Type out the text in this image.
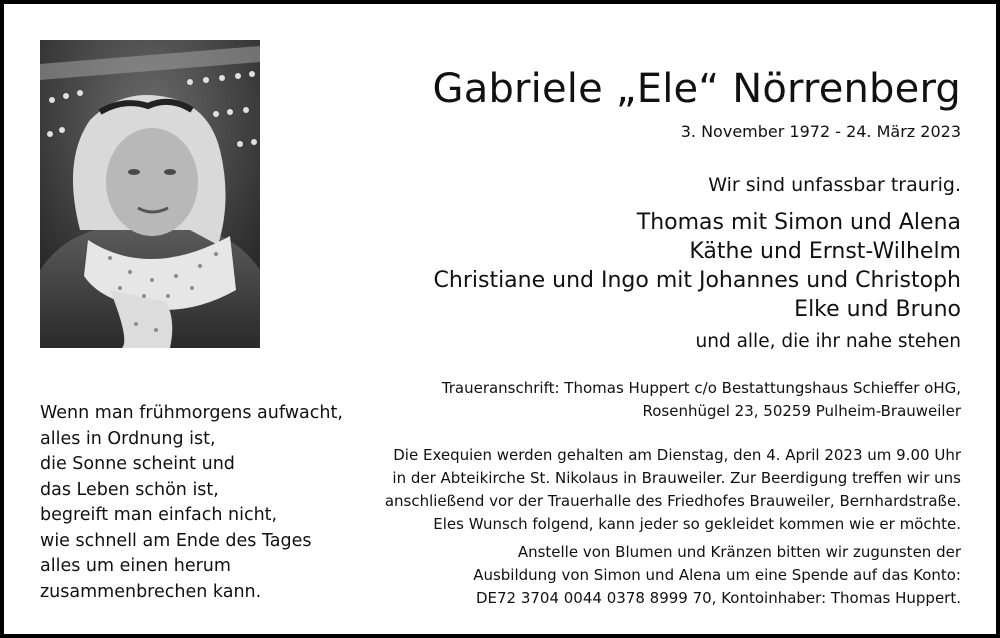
Gabriele „Ele“ Nörrenberg
3. November 1972 - 24. März 2023
Wir sind unfassbar traurig.
Thomas mit Simon und Alena
Käthe und Ernst-Wilhelm
Christiane und Ingo mit Johannes und Christoph
Elke und Bruno
und alle, die ihr nahe stehen
Traueranschrift: Thomas Huppert c/o Bestattungshaus Schieffer oHG,
Rosenhügel 23, 50259 Pulheim-Brauweiler
Die Exequien werden gehalten am Dienstag, den 4. April 2023 um 9.00 Uhr
in der Abteikirche St. Nikolaus in Brauweiler. Zur Beerdigung treffen wir uns
anschließend vor der Trauerhalle des Friedhofes Brauweiler, Bernhardstraße.
Eles Wunsch folgend, kann jeder so gekleidet kommen wie er möchte.
Anstelle von Blumen und Kränzen bitten wir zugunsten der
Ausbildung von Simon und Alena um eine Spende auf das Konto:
DE72 3704 0044 0378 8999 70, Kontoinhaber: Thomas Huppert.
Wenn man frühmorgens aufwacht,
alles in Ordnung ist,
die Sonne scheint und
das Leben schön ist,
begreift man einfach nicht,
wie schnell am Ende des Tages
alles um einen herum
zusammenbrechen kann.
